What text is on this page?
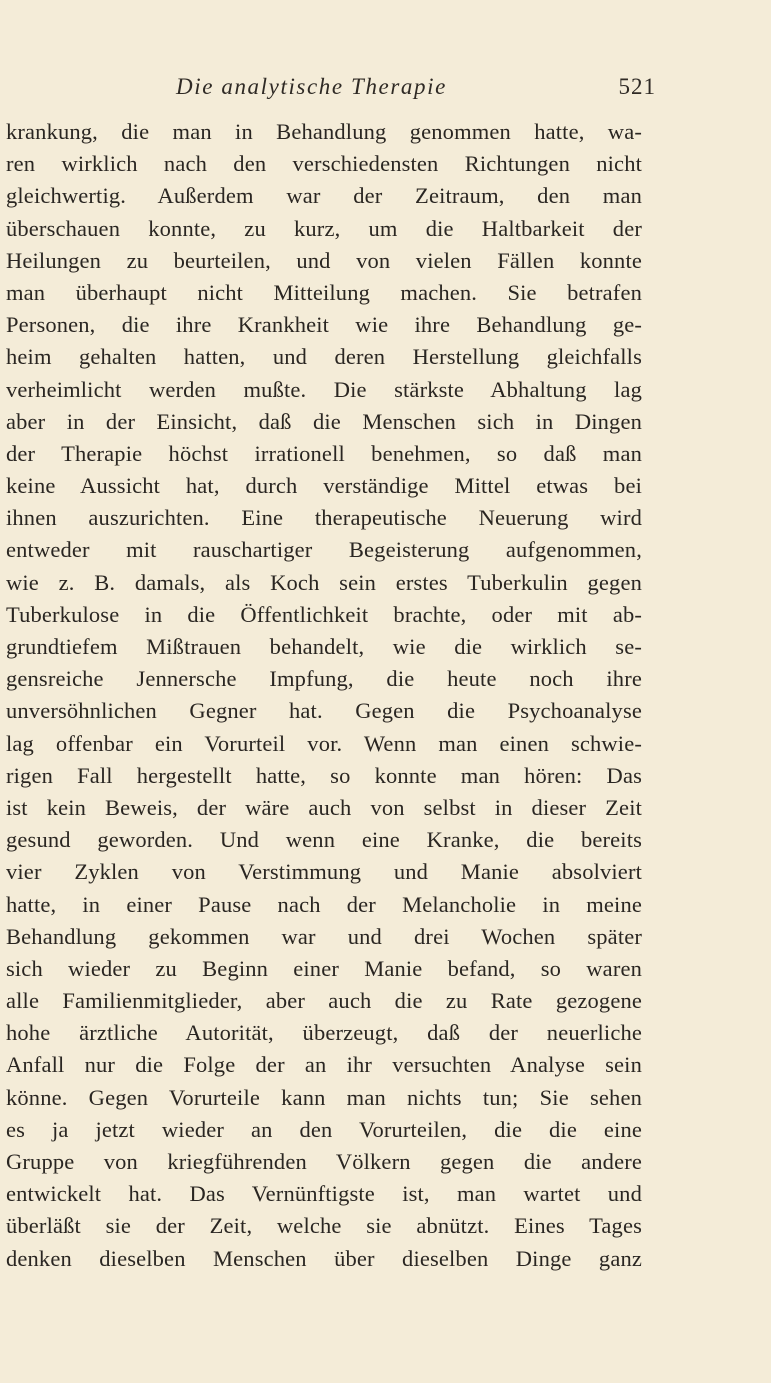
Die analytische Therapie	521
krankung, die man in Behandlung genommen hatte, wa-
ren wirklich nach den verschiedensten Richtungen nicht
gleichwertig. Außerdem war der Zeitraum, den man
überschauen konnte, zu kurz, um die Haltbarkeit der
Heilungen zu beurteilen, und von vielen Fällen konnte
man überhaupt nicht Mitteilung machen. Sie betrafen
Personen, die ihre Krankheit wie ihre Behandlung ge-
heim gehalten hatten, und deren Herstellung gleichfalls
verheimlicht werden mußte. Die stärkste Abhaltung lag
aber in der Einsicht, daß die Menschen sich in Dingen
der Therapie höchst irrationell benehmen, so daß man
keine Aussicht hat, durch verständige Mittel etwas bei
ihnen auszurichten. Eine therapeutische Neuerung wird
entweder mit rauschartiger Begeisterung aufgenommen,
wie z. B. damals, als Koch sein erstes Tuberkulin gegen
Tuberkulose in die Öffentlichkeit brachte, oder mit ab-
grundtiefem Mißtrauen behandelt, wie die wirklich se-
gensreiche Jennersche Impfung, die heute noch ihre
unversöhnlichen Gegner hat. Gegen die Psychoanalyse
lag offenbar ein Vorurteil vor. Wenn man einen schwie-
rigen Fall hergestellt hatte, so konnte man hören: Das
ist kein Beweis, der wäre auch von selbst in dieser Zeit
gesund geworden. Und wenn eine Kranke, die bereits
vier Zyklen von Verstimmung und Manie absolviert
hatte, in einer Pause nach der Melancholie in meine
Behandlung gekommen war und drei Wochen später
sich wieder zu Beginn einer Manie befand, so waren
alle Familienmitglieder, aber auch die zu Rate gezogene
hohe ärztliche Autorität, überzeugt, daß der neuerliche
Anfall nur die Folge der an ihr versuchten Analyse sein
könne. Gegen Vorurteile kann man nichts tun; Sie sehen
es ja jetzt wieder an den Vorurteilen, die die eine
Gruppe von kriegführenden Völkern gegen die andere
entwickelt hat. Das Vernünftigste ist, man wartet und
überläßt sie der Zeit, welche sie abnützt. Eines Tages
denken dieselben Menschen über dieselben Dinge ganz
